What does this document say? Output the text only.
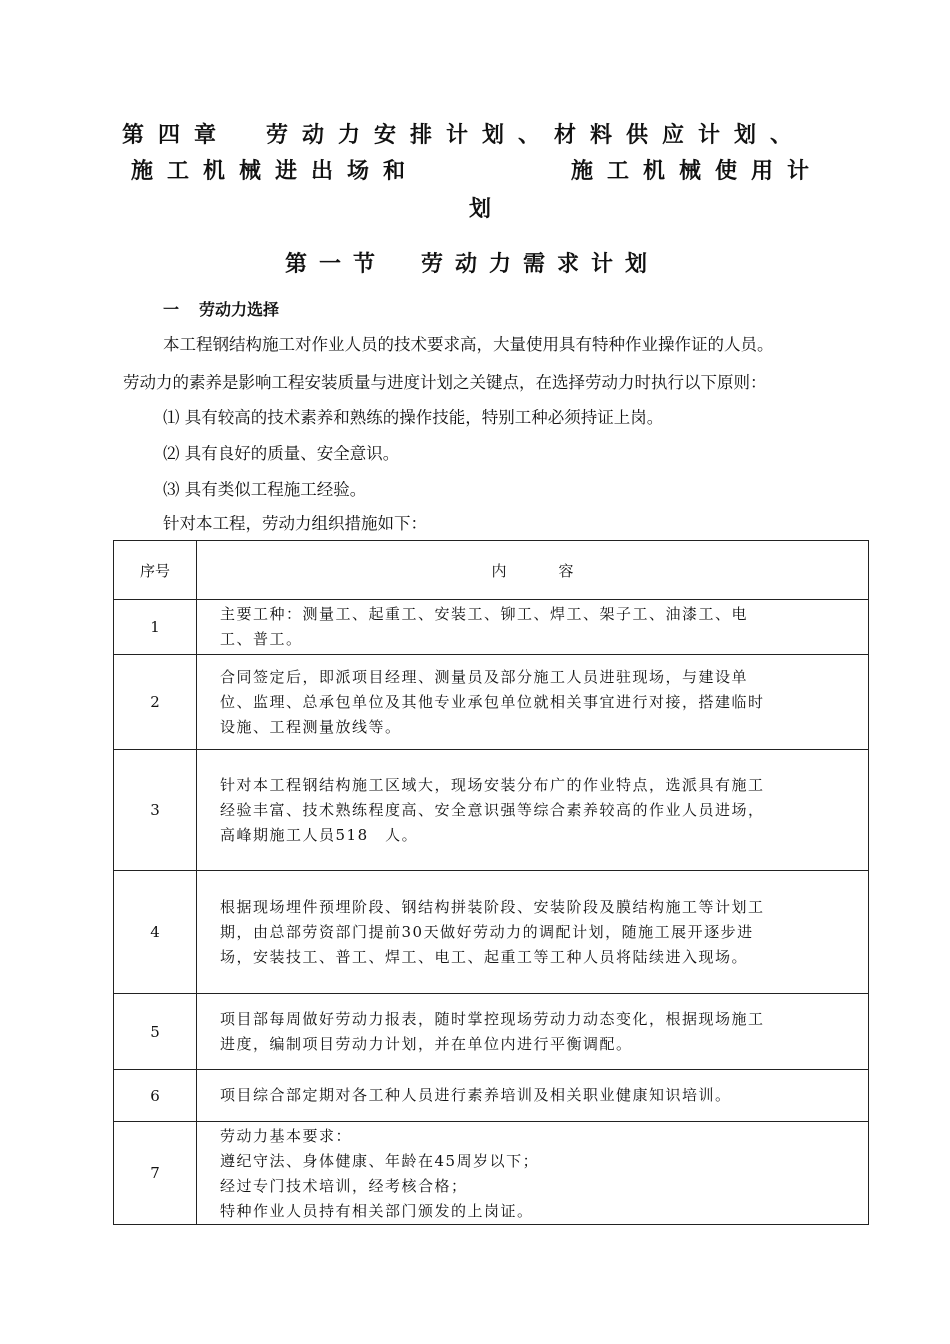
第四章　劳动力安排计划、材料供应计划、
施工机械进出场和	施工机械使用计
划
第一节　劳动力需求计划
一 劳动力选择
本工程钢结构施工对作业人员的技术要求高，大量使用具有特种作业操作证的人员。
劳动力的素养是影响工程安装质量与进度计划之关键点，在选择劳动力时执行以下原则：
⑴ 具有较高的技术素养和熟练的操作技能，特别工种必须持证上岗。
⑵ 具有良好的质量、安全意识。
⑶ 具有类似工程施工经验。
针对本工程，劳动力组织措施如下：
序号	内 容
1	主要工种：测量工、起重工、安装工、铆工、焊工、架子工、油漆工、电
工、普工。

2	合同签定后，即派项目经理、测量员及部分施工人员进驻现场，与建设单
位、监理、总承包单位及其他专业承包单位就相关事宜进行对接，搭建临时
设施、工程测量放线等。

3	针对本工程钢结构施工区域大，现场安装分布广的作业特点，选派具有施工
经验丰富、技术熟练程度高、安全意识强等综合素养较高的作业人员进场，
高峰期施工人员518　人。

4	根据现场埋件预埋阶段、钢结构拼装阶段、安装阶段及膜结构施工等计划工
期，由总部劳资部门提前30天做好劳动力的调配计划，随施工展开逐步进
场，安装技工、普工、焊工、电工、起重工等工种人员将陆续进入现场。

5	项目部每周做好劳动力报表，随时掌控现场劳动力动态变化，根据现场施工
进度，编制项目劳动力计划，并在单位内进行平衡调配。

6	项目综合部定期对各工种人员进行素养培训及相关职业健康知识培训。

7	劳动力基本要求：
遵纪守法、身体健康、年龄在45周岁以下；
经过专门技术培训，经考核合格；
特种作业人员持有相关部门颁发的上岗证。
